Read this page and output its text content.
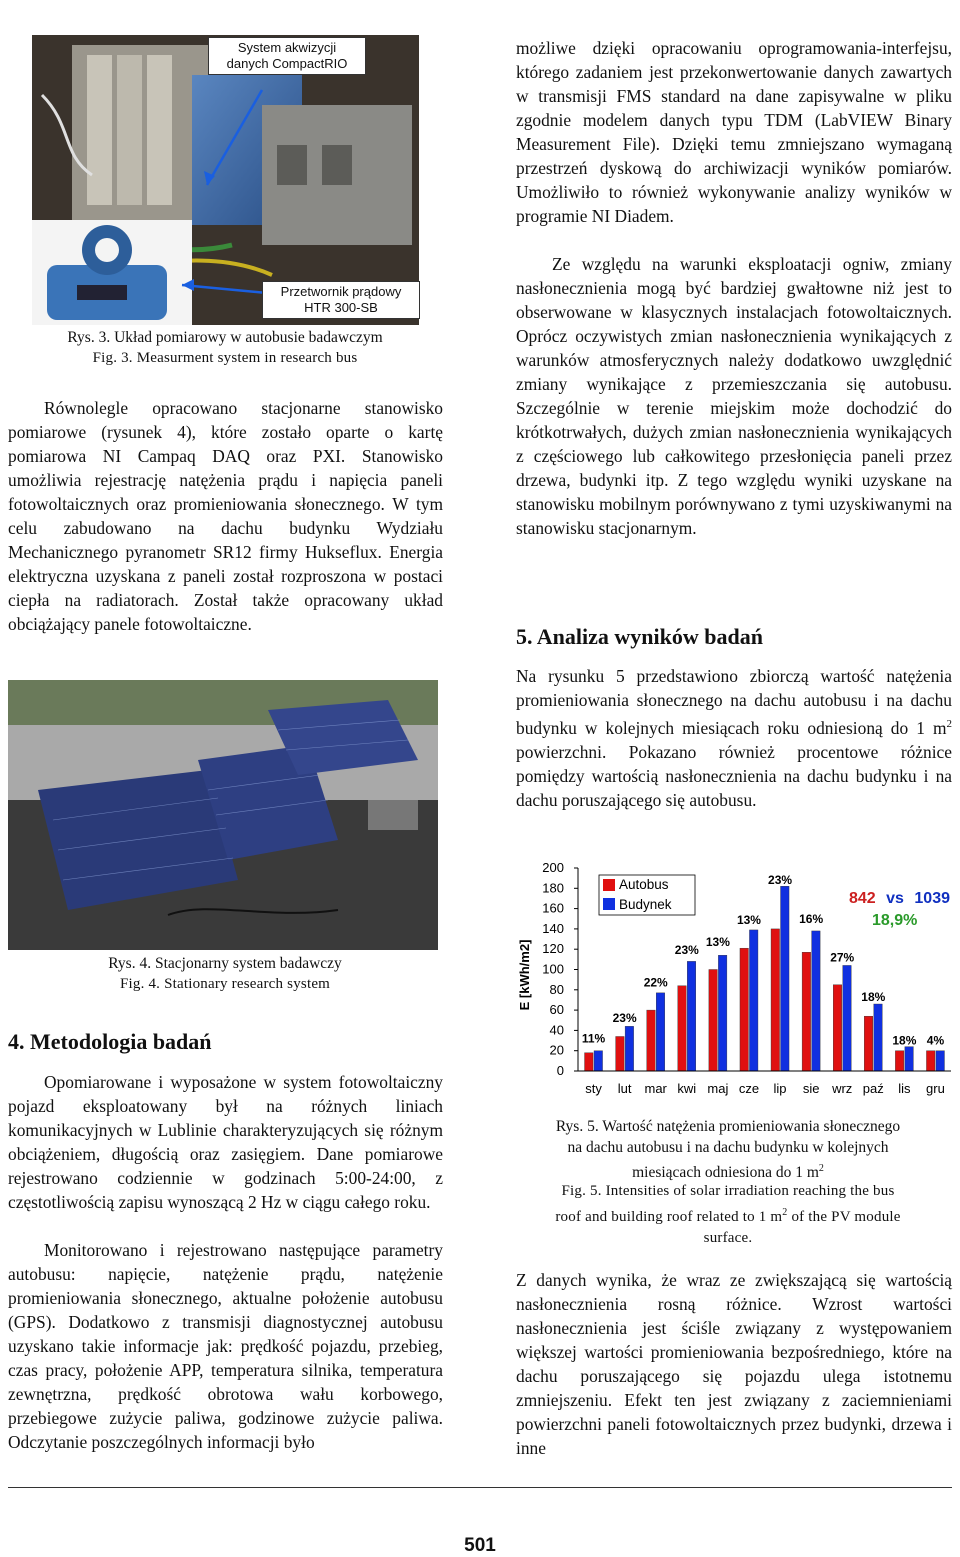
System akwizycji
danych CompactRIO
Przetwornik prądowy
HTR 300-SB
Rys. 3. Układ pomiarowy w autobusie badawczym
Fig. 3. Measurment system in research bus

Równolegle opracowano stacjonarne stanowisko pomiarowe (rysunek 4), które zostało oparte o kartę pomiarowa NI Campaq DAQ oraz PXI. Stanowisko umożliwia rejestrację natężenia prądu i napięcia paneli fotowoltaicznych oraz promieniowania słonecznego. W tym celu zabudowano na dachu budynku Wydziału Mechanicznego pyranometr SR12 firmy Hukseflux. Energia elektryczna uzyskana z paneli został rozproszona w postaci ciepła na radiatorach. Został także opracowany układ obciążający panele fotowoltaiczne.

Rys. 4. Stacjonarny system badawczy
Fig. 4. Stationary research system
4. Metodologia badań

Opomiarowane i wyposażone w system fotowoltaiczny pojazd eksploatowany był na różnych liniach komunikacyjnych w Lublinie charakteryzujących się różnym obciążeniem, długością oraz zasięgiem. Dane pomiarowe rejestrowano codziennie w godzinach 5:00-24:00, z częstotliwością zapisu wynoszącą 2 Hz w ciągu całego roku.

Monitorowano i rejestrowano następujące parametry autobusu: napięcie, natężenie prądu, natężenie promieniowania słonecznego, aktualne położenie autobusu (GPS). Dodatkowo z transmisji diagnostycznej autobusu uzyskano takie informacje jak: prędkość pojazdu, przebieg, czas pracy, położenie APP, temperatura silnika, temperatura zewnętrzna, prędkość obrotowa wału korbowego, przebiegowe zużycie paliwa, godzinowe zużycie paliwa. Odczytanie poszczególnych informacji było

możliwe dzięki opracowaniu oprogramowania-interfejsu, którego zadaniem jest przekonwertowanie danych zawartych w transmisji FMS standard na dane zapisywalne w pliku zgodnie modelem danych typu TDM (LabVIEW Binary Measurement File). Dzięki temu zmniejszano wymaganą przestrzeń dyskową do archiwizacji wyników pomiarów. Umożliwiło to również wykonywanie analizy wyników w programie NI Diadem.

Ze względu na warunki eksploatacji ogniw, zmiany nasłonecznienia mogą być bardziej gwałtowne niż jest to obserwowane w klasycznych instalacjach fotowoltaicznych. Oprócz oczywistych zmian nasłonecznienia wynikających z warunków atmosferycznych należy dodatkowo uwzględnić zmiany wynikające z przemieszczania się autobusu. Szczególnie w terenie miejskim może dochodzić do krótkotrwałych, dużych zmian nasłonecznienia wynikających z częściowego lub całkowitego przesłonięcia paneli przez drzewa, budynki itp. Z tego względu wyniki uzyskane na stanowisku mobilnym porównywano z tymi uzyskiwanymi na stanowisku stacjonarnym.

5. Analiza wyników badań

Na rysunku 5 przedstawiono zbiorczą wartość natężenia promieniowania słonecznego na dachu autobusu i na dachu budynku w kolejnych miesiącach roku odniesioną do 1 $m^2$ powierzchni. Pokazano również procentowe różnice pomiędzy wartością nasłonecznienia na dachu budynku i na dachu poruszającego się autobusu.

E [kWh/m2]
0
20
40
60
80
100
120
140
160
180
200
11%
23%
22%
23%
13%
13%
23%
16%
27%
18%
18% 4%
sty lut mar kwi maj cze lip sie wrz paź lis gru
Autobus
Budynek	842 vs 1039
18,9%
Rys. 5. Wartość natężenia promieniowania słonecznego
na dachu autobusu i na dachu budynku w kolejnych
miesiącach odniesiona do 1 $m^2$
Fig. 5. Intensities of solar irradiation reaching the bus
roof and building roof related to 1 $m^2$ of the PV module
surface.

Z danych wynika, że wraz ze zwiększającą się wartością nasłonecznienia rosną różnice. Wzrost wartości nasłonecznienia jest ściśle związany z występowaniem większej wartości promieniowania bezpośredniego, które na dachu poruszającego się pojazdu ulega istotnemu zmniejszeniu. Efekt ten jest związany z zaciemnieniami powierzchni paneli fotowoltaicznych przez budynki, drzewa i inne

501
